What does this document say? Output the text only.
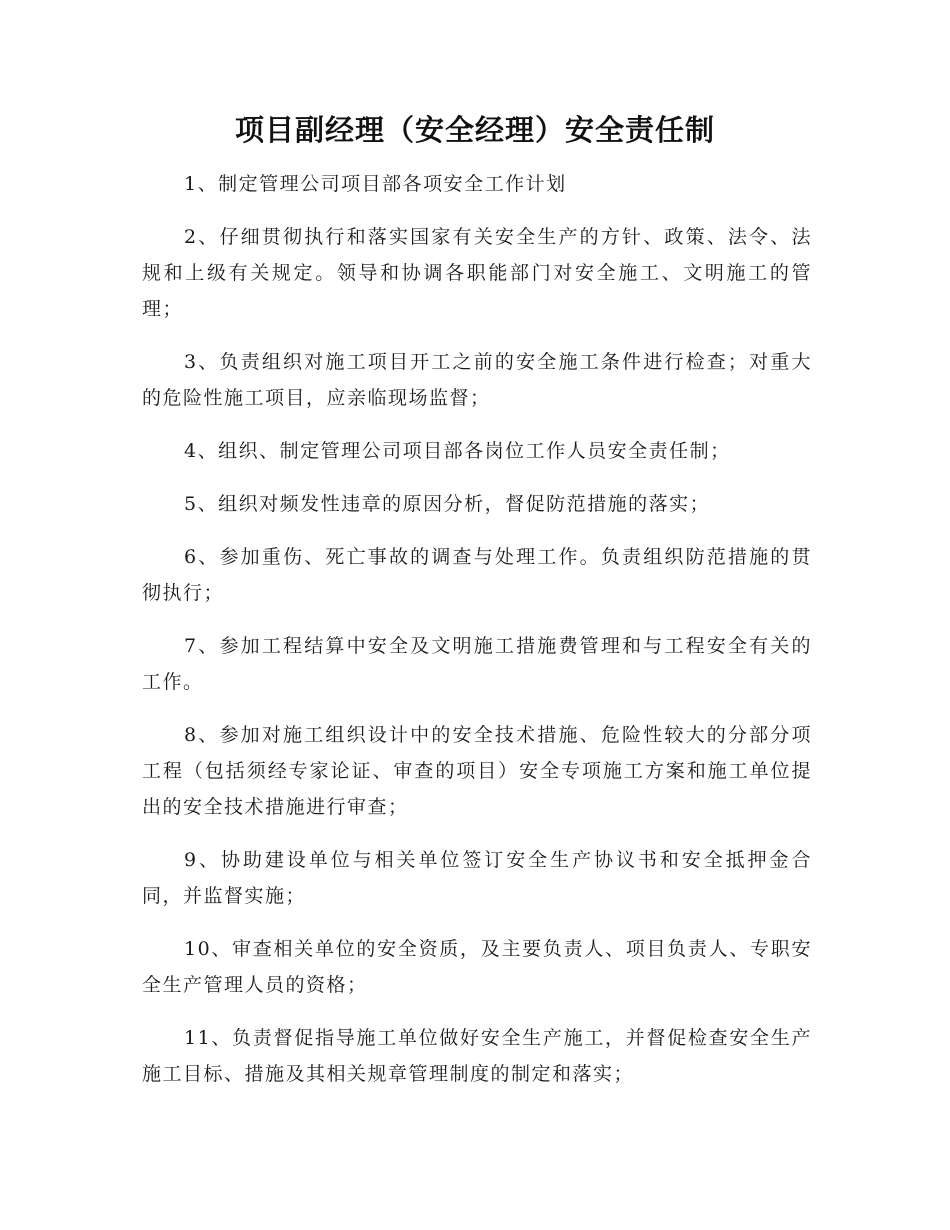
项目副经理（安全经理）安全责任制

1、制定管理公司项目部各项安全工作计划

2、仔细贯彻执行和落实国家有关安全生产的方针、政策、法令、法规和上级有关规定。领导和协调各职能部门对安全施工、文明施工的管理；

3、负责组织对施工项目开工之前的安全施工条件进行检查；对重大的危险性施工项目，应亲临现场监督；

4、组织、制定管理公司项目部各岗位工作人员安全责任制；

5、组织对频发性违章的原因分析，督促防范措施的落实；

6、参加重伤、死亡事故的调查与处理工作。负责组织防范措施的贯彻执行；

7、参加工程结算中安全及文明施工措施费管理和与工程安全有关的工作。

8、参加对施工组织设计中的安全技术措施、危险性较大的分部分项工程（包括须经专家论证、审查的项目）安全专项施工方案和施工单位提出的安全技术措施进行审查；

9、协助建设单位与相关单位签订安全生产协议书和安全抵押金合同，并监督实施；

10、审查相关单位的安全资质，及主要负责人、项目负责人、专职安全生产管理人员的资格；

11、负责督促指导施工单位做好安全生产施工，并督促检查安全生产施工目标、措施及其相关规章管理制度的制定和落实；
